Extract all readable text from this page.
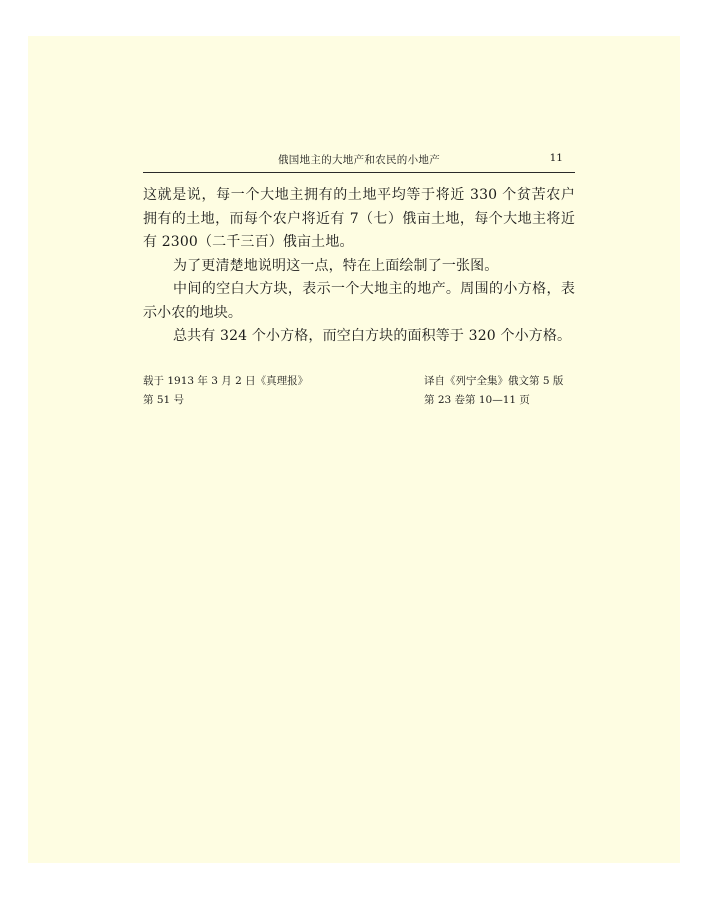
俄国地主的大地产和农民的小地产	11

这就是说，每一个大地主拥有的土地平均等于将近 330 个贫苦农户拥有的土地，而每个农户将近有 7（七）俄亩土地，每个大地主将近有 2300（二千三百）俄亩土地。

为了更清楚地说明这一点，特在上面绘制了一张图。

中间的空白大方块，表示一个大地主的地产。周围的小方格，表示小农的地块。

总共有 324 个小方格，而空白方块的面积等于 320 个小方格。

载于 1913 年 3 月 2 日《真理报》
第 51 号
译自《列宁全集》俄文第 5 版
第 23 卷第 10—11 页
